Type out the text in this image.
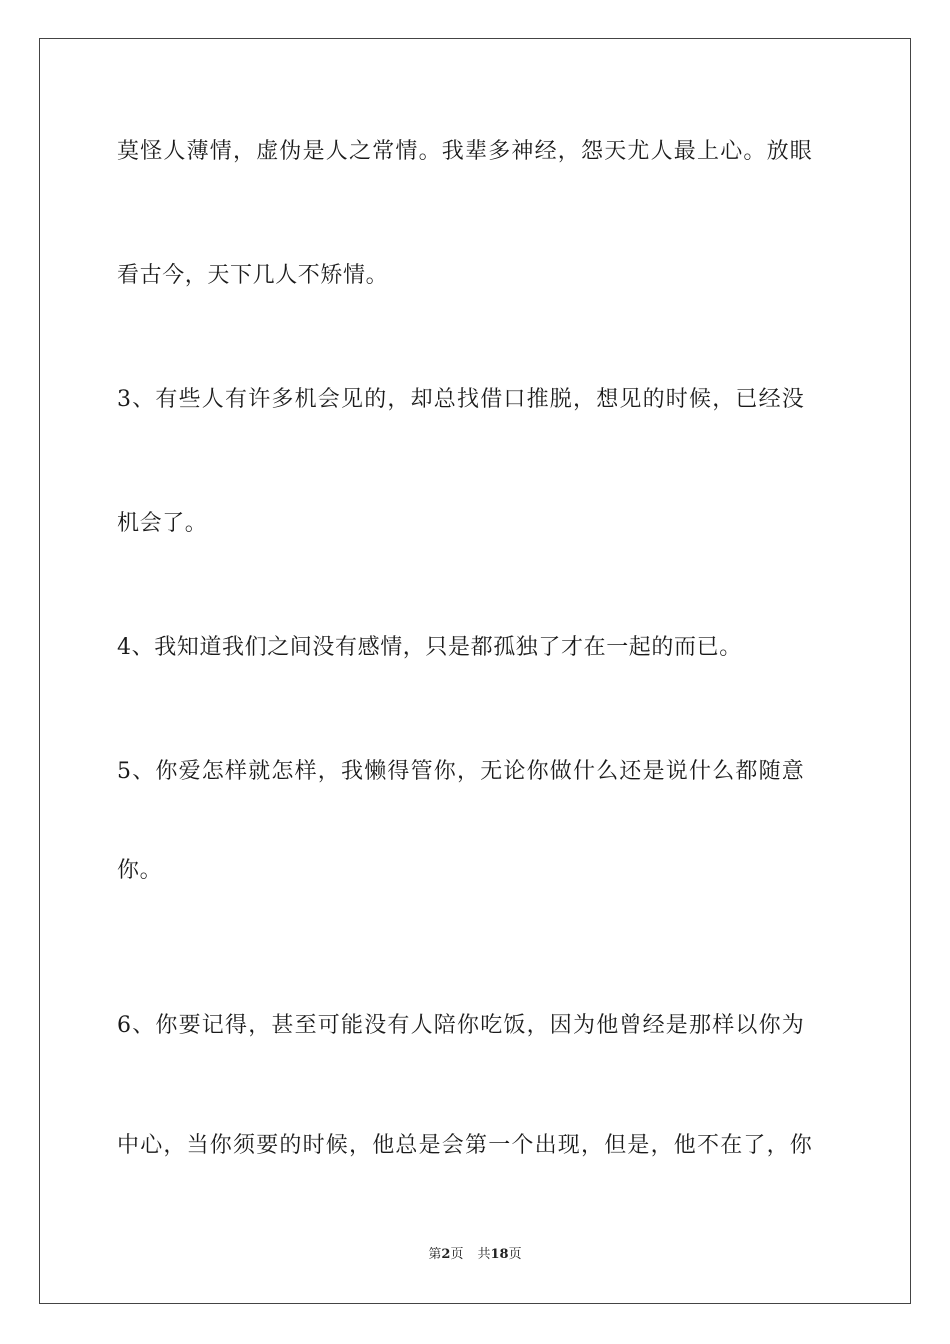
莫怪人薄情，虚伪是人之常情。我辈多神经，怨天尤人最上心。放眼
看古今，天下几人不矫情。
3、有些人有许多机会见的，却总找借口推脱，想见的时候，已经没
机会了。
4、我知道我们之间没有感情，只是都孤独了才在一起的而已。
5、你爱怎样就怎样，我懒得管你，无论你做什么还是说什么都随意
你。
6、你要记得，甚至可能没有人陪你吃饭，因为他曾经是那样以你为
中心，当你须要的时候，他总是会第一个出现，但是，他不在了，你
第2页 共18页
